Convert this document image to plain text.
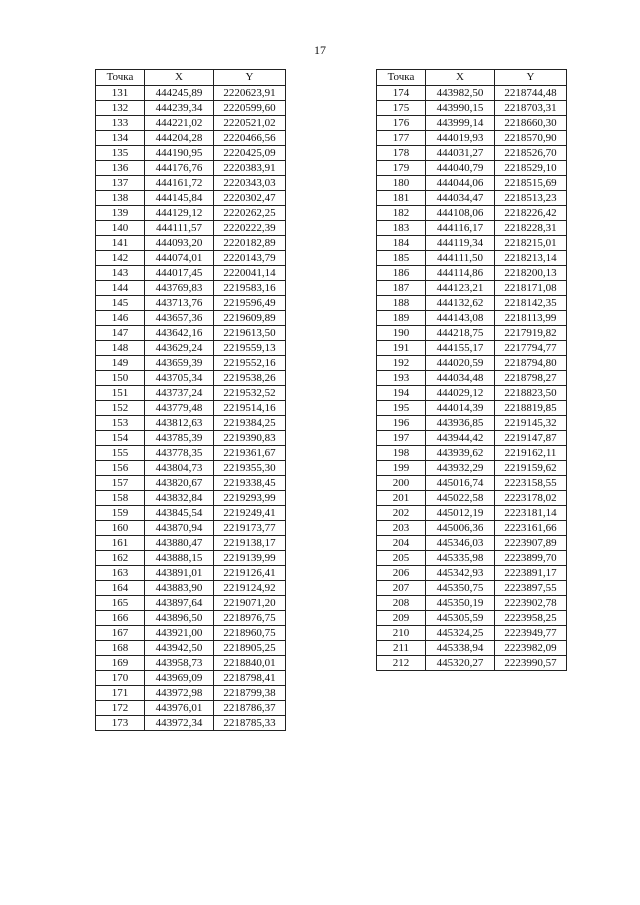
17
Точка	X	Y
131	444245,89	2220623,91
132	444239,34	2220599,60
133	444221,02	2220521,02
134	444204,28	2220466,56
135	444190,95	2220425,09
136	444176,76	2220383,91
137	444161,72	2220343,03
138	444145,84	2220302,47
139	444129,12	2220262,25
140	444111,57	2220222,39
141	444093,20	2220182,89
142	444074,01	2220143,79
143	444017,45	2220041,14
144	443769,83	2219583,16
145	443713,76	2219596,49
146	443657,36	2219609,89
147	443642,16	2219613,50
148	443629,24	2219559,13
149	443659,39	2219552,16
150	443705,34	2219538,26
151	443737,24	2219532,52
152	443779,48	2219514,16
153	443812,63	2219384,25
154	443785,39	2219390,83
155	443778,35	2219361,67
156	443804,73	2219355,30
157	443820,67	2219338,45
158	443832,84	2219293,99
159	443845,54	2219249,41
160	443870,94	2219173,77
161	443880,47	2219138,17
162	443888,15	2219139,99
163	443891,01	2219126,41
164	443883,90	2219124,92
165	443897,64	2219071,20
166	443896,50	2218976,75
167	443921,00	2218960,75
168	443942,50	2218905,25
169	443958,73	2218840,01
170	443969,09	2218798,41
171	443972,98	2218799,38
172	443976,01	2218786,37
173	443972,34	2218785,33
Точка	X	Y
174	443982,50	2218744,48
175	443990,15	2218703,31
176	443999,14	2218660,30
177	444019,93	2218570,90
178	444031,27	2218526,70
179	444040,79	2218529,10
180	444044,06	2218515,69
181	444034,47	2218513,23
182	444108,06	2218226,42
183	444116,17	2218228,31
184	444119,34	2218215,01
185	444111,50	2218213,14
186	444114,86	2218200,13
187	444123,21	2218171,08
188	444132,62	2218142,35
189	444143,08	2218113,99
190	444218,75	2217919,82
191	444155,17	2217794,77
192	444020,59	2218794,80
193	444034,48	2218798,27
194	444029,12	2218823,50
195	444014,39	2218819,85
196	443936,85	2219145,32
197	443944,42	2219147,87
198	443939,62	2219162,11
199	443932,29	2219159,62
200	445016,74	2223158,55
201	445022,58	2223178,02
202	445012,19	2223181,14
203	445006,36	2223161,66
204	445346,03	2223907,89
205	445335,98	2223899,70
206	445342,93	2223891,17
207	445350,75	2223897,55
208	445350,19	2223902,78
209	445305,59	2223958,25
210	445324,25	2223949,77
211	445338,94	2223982,09
212	445320,27	2223990,57
